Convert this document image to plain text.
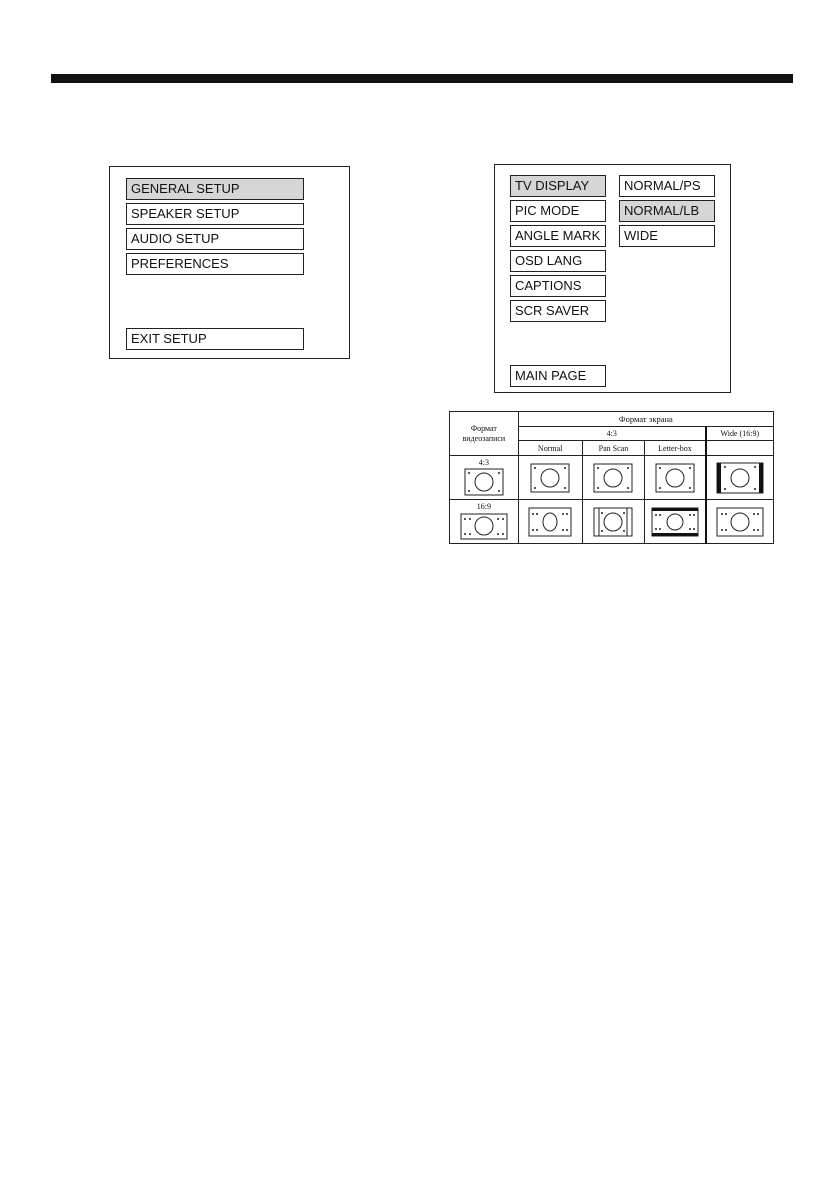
GENERAL SETUP
SPEAKER SETUP
AUDIO SETUP
PREFERENCES
EXIT SETUP
TV DISPLAY
PIC MODE
ANGLE MARK
OSD LANG
CAPTIONS
SCR SAVER
MAIN PAGE
NORMAL/PS
NORMAL/LB
WIDE
Формат видеозаписи	Формат экрана			
	4:3			Wide (16:9)
	Normal	Pan Scan	Letter-box	

4:3

16:9
